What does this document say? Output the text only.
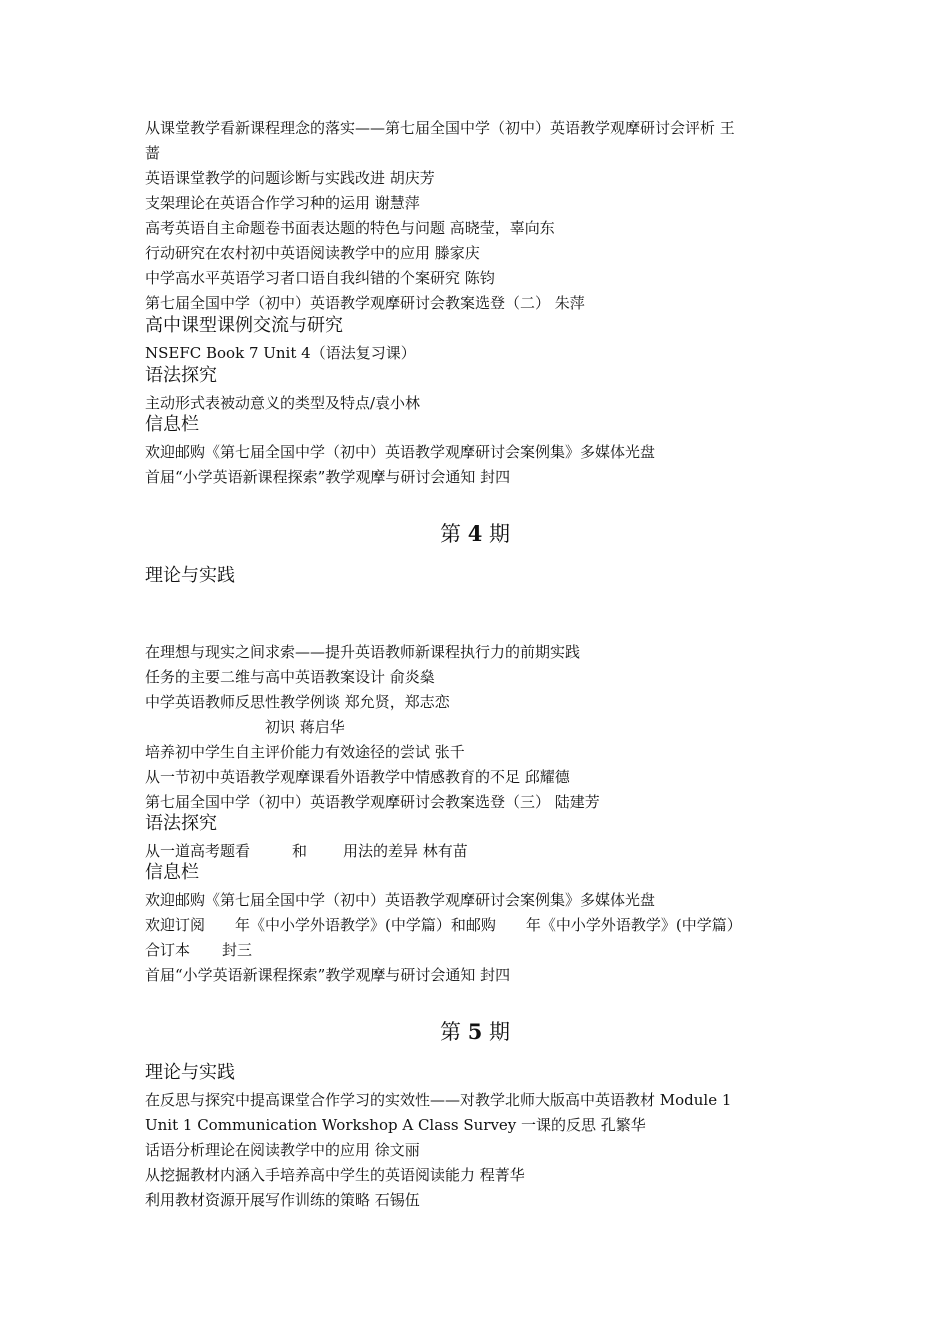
从课堂教学看新课程理念的落实——第七届全国中学（初中）英语教学观摩研讨会评析 王
蔷
英语课堂教学的问题诊断与实践改进 胡庆芳
支架理论在英语合作学习种的运用 谢慧萍
高考英语自主命题卷书面表达题的特色与问题 高晓莹，辜向东
行动研究在农村初中英语阅读教学中的应用 滕家庆
中学高水平英语学习者口语自我纠错的个案研究 陈钧
第七届全国中学（初中）英语教学观摩研讨会教案选登（二） 朱萍
高中课型课例交流与研究
NSEFC Book 7 Unit 4（语法复习课）
语法探究
主动形式表被动意义的类型及特点/袁小林
信息栏
欢迎邮购《第七届全国中学（初中）英语教学观摩研讨会案例集》多媒体光盘
首届“小学英语新课程探索”教学观摩与研讨会通知 封四
第 4 期
理论与实践
在理想与现实之间求索——提升英语教师新课程执行力的前期实践
任务的主要二维与高中英语教案设计 俞炎燊
中学英语教师反思性教学例谈 郑允贤，郑志恋
初识 蒋启华
培养初中学生自主评价能力有效途径的尝试 张千
从一节初中英语教学观摩课看外语教学中情感教育的不足 邱耀德
第七届全国中学（初中）英语教学观摩研讨会教案选登（三） 陆建芳
语法探究
从一道高考题看	和 用法的差异 林有苗
信息栏
欢迎邮购《第七届全国中学（初中）英语教学观摩研讨会案例集》多媒体光盘
欢迎订阅 年《中小学外语教学》(中学篇）和邮购 年《中小学外语教学》(中学篇）
合订本 封三
首届“小学英语新课程探索”教学观摩与研讨会通知 封四
第 5 期
理论与实践
在反思与探究中提高课堂合作学习的实效性——对教学北师大版高中英语教材 Module 1
Unit 1 Communication Workshop A Class Survey 一课的反思 孔繁华
话语分析理论在阅读教学中的应用 徐文丽
从挖掘教材内涵入手培养高中学生的英语阅读能力 程菁华
利用教材资源开展写作训练的策略 石锡伍
